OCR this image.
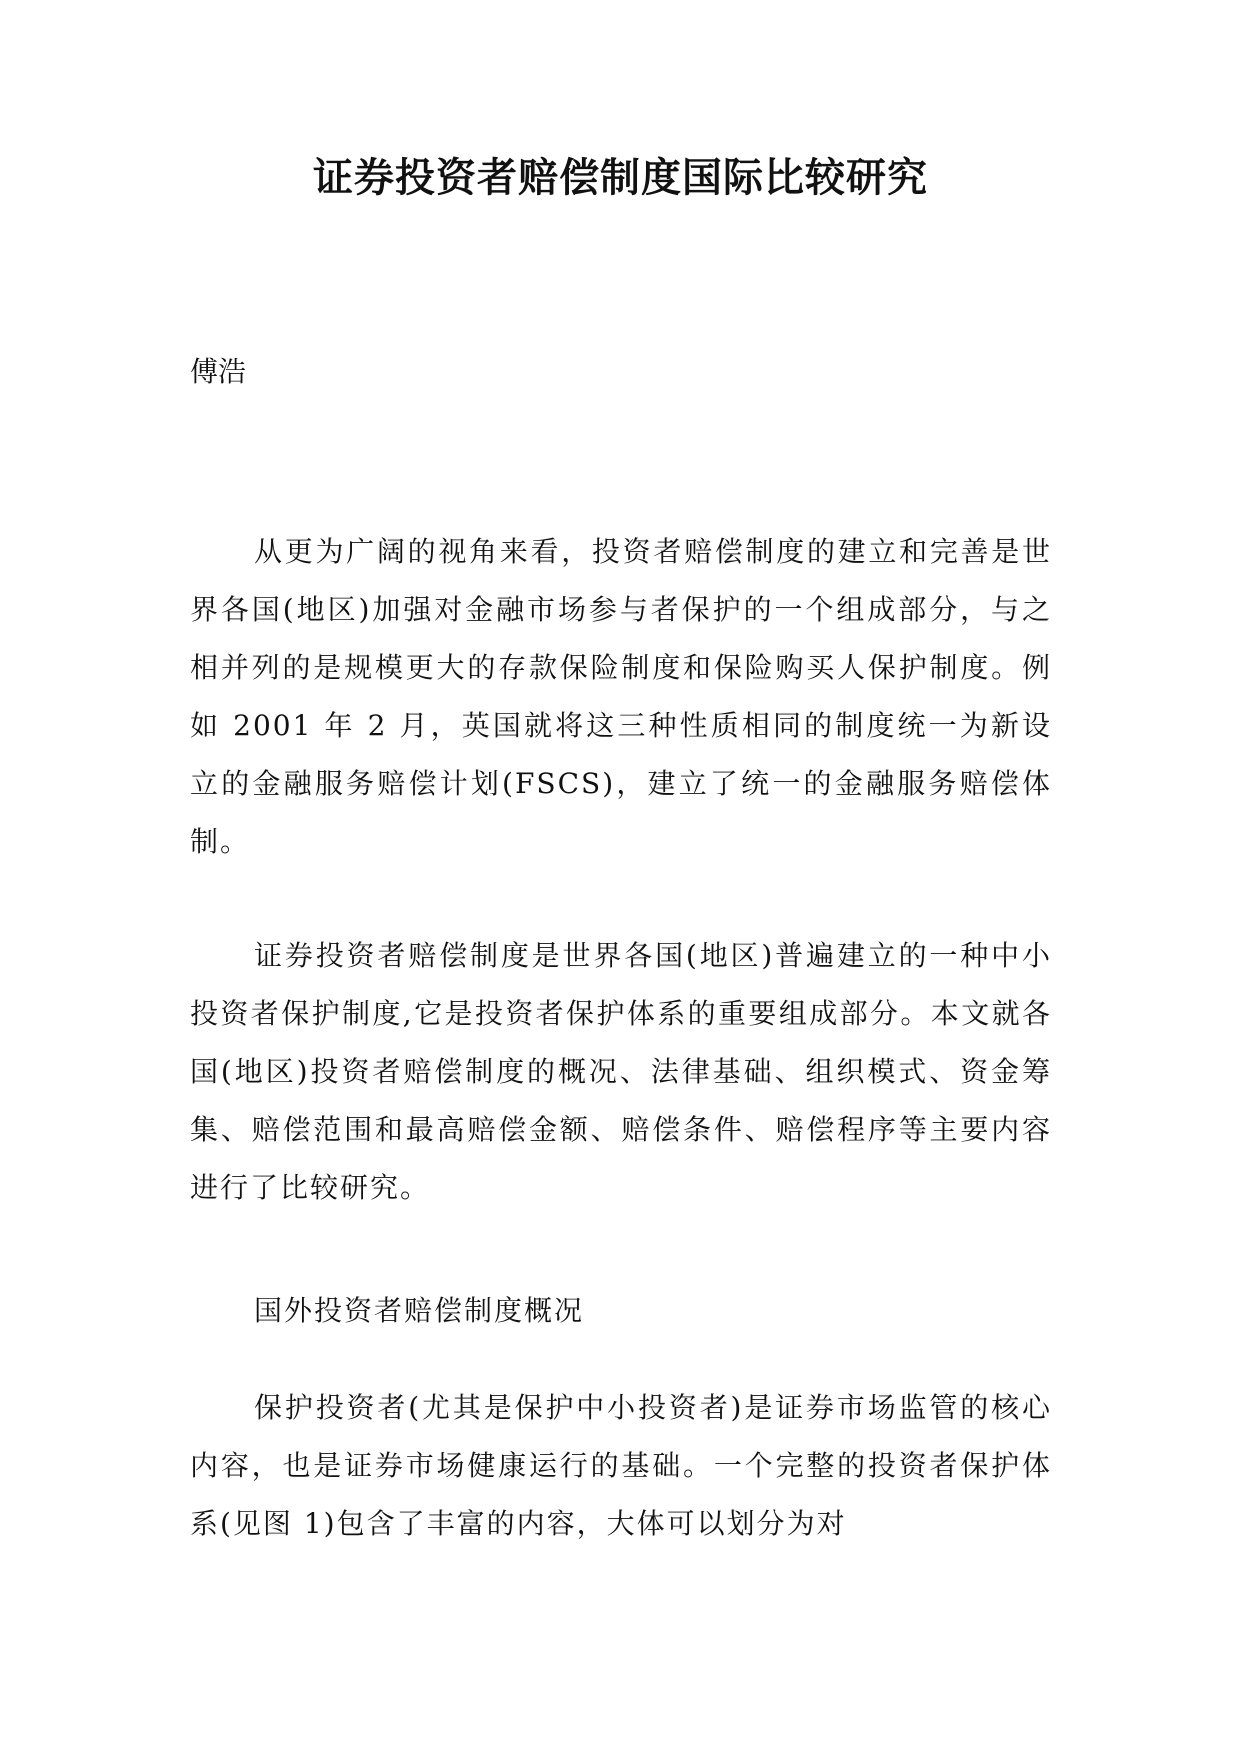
证券投资者赔偿制度国际比较研究
傅浩

从更为广阔的视角来看，投资者赔偿制度的建立和完善是世界各国(地区)加强对金融市场参与者保护的一个组成部分，与之相并列的是规模更大的存款保险制度和保险购买人保护制度。例如 2001 年 2 月，英国就将这三种性质相同的制度统一为新设立的金融服务赔偿计划(FSCS)，建立了统一的金融服务赔偿体制。

证券投资者赔偿制度是世界各国(地区)普遍建立的一种中小投资者保护制度,它是投资者保护体系的重要组成部分。本文就各国(地区)投资者赔偿制度的概况、法律基础、组织模式、资金筹集、赔偿范围和最高赔偿金额、赔偿条件、赔偿程序等主要内容进行了比较研究。

国外投资者赔偿制度概况

保护投资者(尤其是保护中小投资者)是证券市场监管的核心内容，也是证券市场健康运行的基础。一个完整的投资者保护体系(见图 1)包含了丰富的内容，大体可以划分为对
